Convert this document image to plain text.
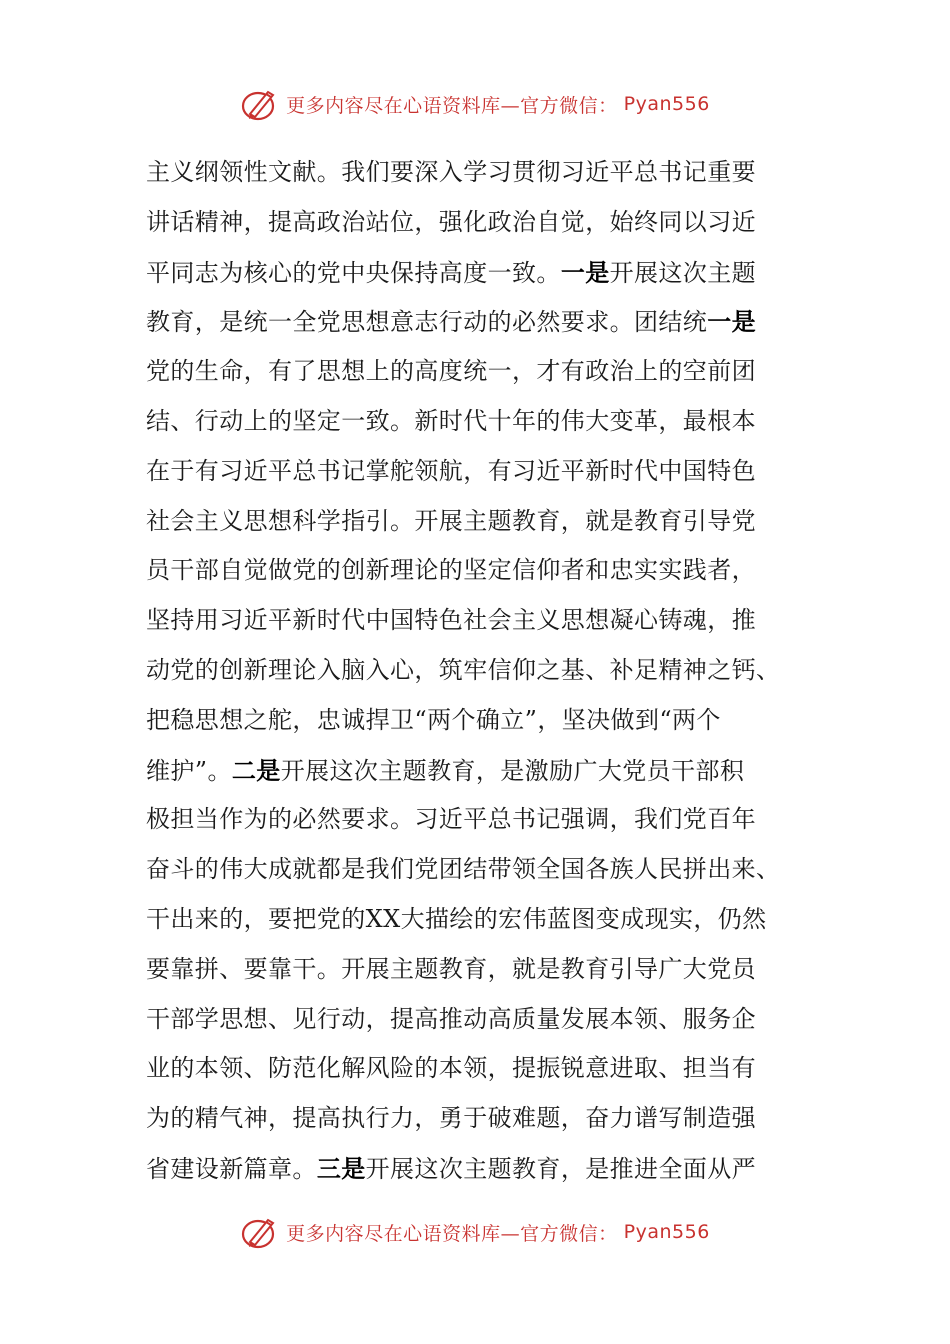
更多内容尽在心语资料库—官方微信： Pyan556
主义纲领性文献。我们要深入学习贯彻习近平总书记重要
讲话精神，提高政治站位，强化政治自觉，始终同以习近
平同志为核心的党中央保持高度一致。一是开展这次主题
教育，是统一全党思想意志行动的必然要求。团结统一是
党的生命，有了思想上的高度统一，才有政治上的空前团
结、行动上的坚定一致。新时代十年的伟大变革，最根本
在于有习近平总书记掌舵领航，有习近平新时代中国特色
社会主义思想科学指引。开展主题教育，就是教育引导党
员干部自觉做党的创新理论的坚定信仰者和忠实实践者，
坚持用习近平新时代中国特色社会主义思想凝心铸魂，推
动党的创新理论入脑入心，筑牢信仰之基、补足精神之钙、
把稳思想之舵，忠诚捍卫“两个确立”，坚决做到“两个
维护”。二是开展这次主题教育，是激励广大党员干部积
极担当作为的必然要求。习近平总书记强调，我们党百年
奋斗的伟大成就都是我们党团结带领全国各族人民拼出来、
干出来的，要把党的XX大描绘的宏伟蓝图变成现实，仍然
要靠拼、要靠干。开展主题教育，就是教育引导广大党员
干部学思想、见行动，提高推动高质量发展本领、服务企
业的本领、防范化解风险的本领，提振锐意进取、担当有
为的精气神，提高执行力，勇于破难题，奋力谱写制造强
省建设新篇章。三是开展这次主题教育，是推进全面从严
更多内容尽在心语资料库—官方微信： Pyan556
